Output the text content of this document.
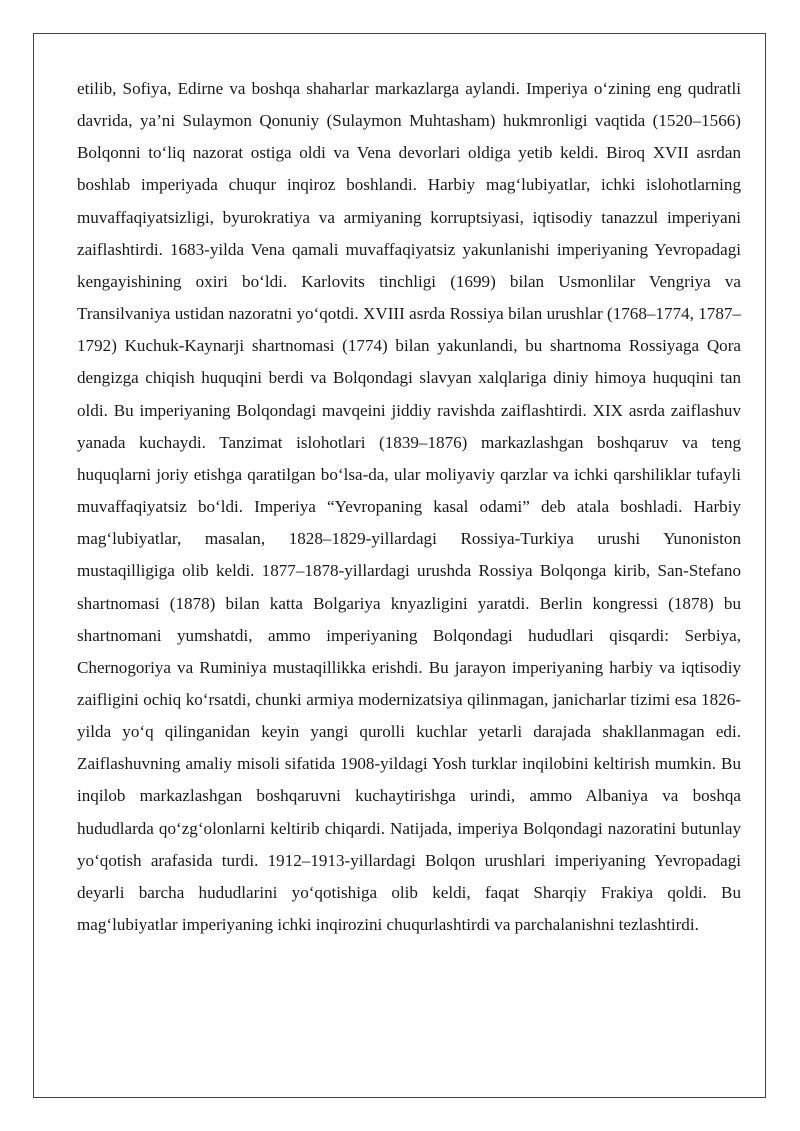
etilib, Sofiya, Edirne va boshqa shaharlar markazlarga aylandi. Imperiya oʻzining eng qudratli davrida, ya’ni Sulaymon Qonuniy (Sulaymon Muhtasham) hukmronligi vaqtida (1520–1566) Bolqonni toʻliq nazorat ostiga oldi va Vena devorlari oldiga yetib keldi. Biroq XVII asrdan boshlab imperiyada chuqur inqiroz boshlandi. Harbiy magʻlubiyatlar, ichki islohotlarning muvaffaqiyatsizligi, byurokratiya va armiyaning korruptsiyasi, iqtisodiy tanazzul imperiyani zaiflashtirdi. 1683-yilda Vena qamali muvaffaqiyatsiz yakunlanishi imperiyaning Yevropadagi kengayishining oxiri boʻldi. Karlovits tinchligi (1699) bilan Usmonlilar Vengriya va Transilvaniya ustidan nazoratni yoʻqotdi. XVIII asrda Rossiya bilan urushlar (1768–1774, 1787–1792) Kuchuk-Kaynarji shartnomasi (1774) bilan yakunlandi, bu shartnoma Rossiyaga Qora dengizga chiqish huquqini berdi va Bolqondagi slavyan xalqlariga diniy himoya huquqini tan oldi. Bu imperiyaning Bolqondagi mavqeini jiddiy ravishda zaiflashtirdi. XIX asrda zaiflashuv yanada kuchaydi. Tanzimat islohotlari (1839–1876) markazlashgan boshqaruv va teng huquqlarni joriy etishga qaratilgan boʻlsa-da, ular moliyaviy qarzlar va ichki qarshiliklar tufayli muvaffaqiyatsiz boʻldi. Imperiya “Yevropaning kasal odami” deb atala boshladi. Harbiy magʻlubiyatlar, masalan, 1828–1829-yillardagi Rossiya-Turkiya urushi Yunoniston mustaqilligiga olib keldi. 1877–1878-yillardagi urushda Rossiya Bolqonga kirib, San-Stefano shartnomasi (1878) bilan katta Bolgariya knyazligini yaratdi. Berlin kongressi (1878) bu shartnomani yumshatdi, ammo imperiyaning Bolqondagi hududlari qisqardi: Serbiya, Chernogoriya va Ruminiya mustaqillikka erishdi. Bu jarayon imperiyaning harbiy va iqtisodiy zaifligini ochiq koʻrsatdi, chunki armiya modernizatsiya qilinmagan, janicharlar tizimi esa 1826-yilda yoʻq qilinganidan keyin yangi qurolli kuchlar yetarli darajada shakllanmagan edi. Zaiflashuvning amaliy misoli sifatida 1908-yildagi Yosh turklar inqilobini keltirish mumkin. Bu inqilob markazlashgan boshqaruvni kuchaytirishga urindi, ammo Albaniya va boshqa hududlarda qoʻzgʻolonlarni keltirib chiqardi. Natijada, imperiya Bolqondagi nazoratini butunlay yoʻqotish arafasida turdi. 1912–1913-yillardagi Bolqon urushlari imperiyaning Yevropadagi deyarli barcha hududlarini yoʻqotishiga olib keldi, faqat Sharqiy Frakiya qoldi. Bu magʻlubiyatlar imperiyaning ichki inqirozini chuqurlashtirdi va parchalanishni tezlashtirdi.
